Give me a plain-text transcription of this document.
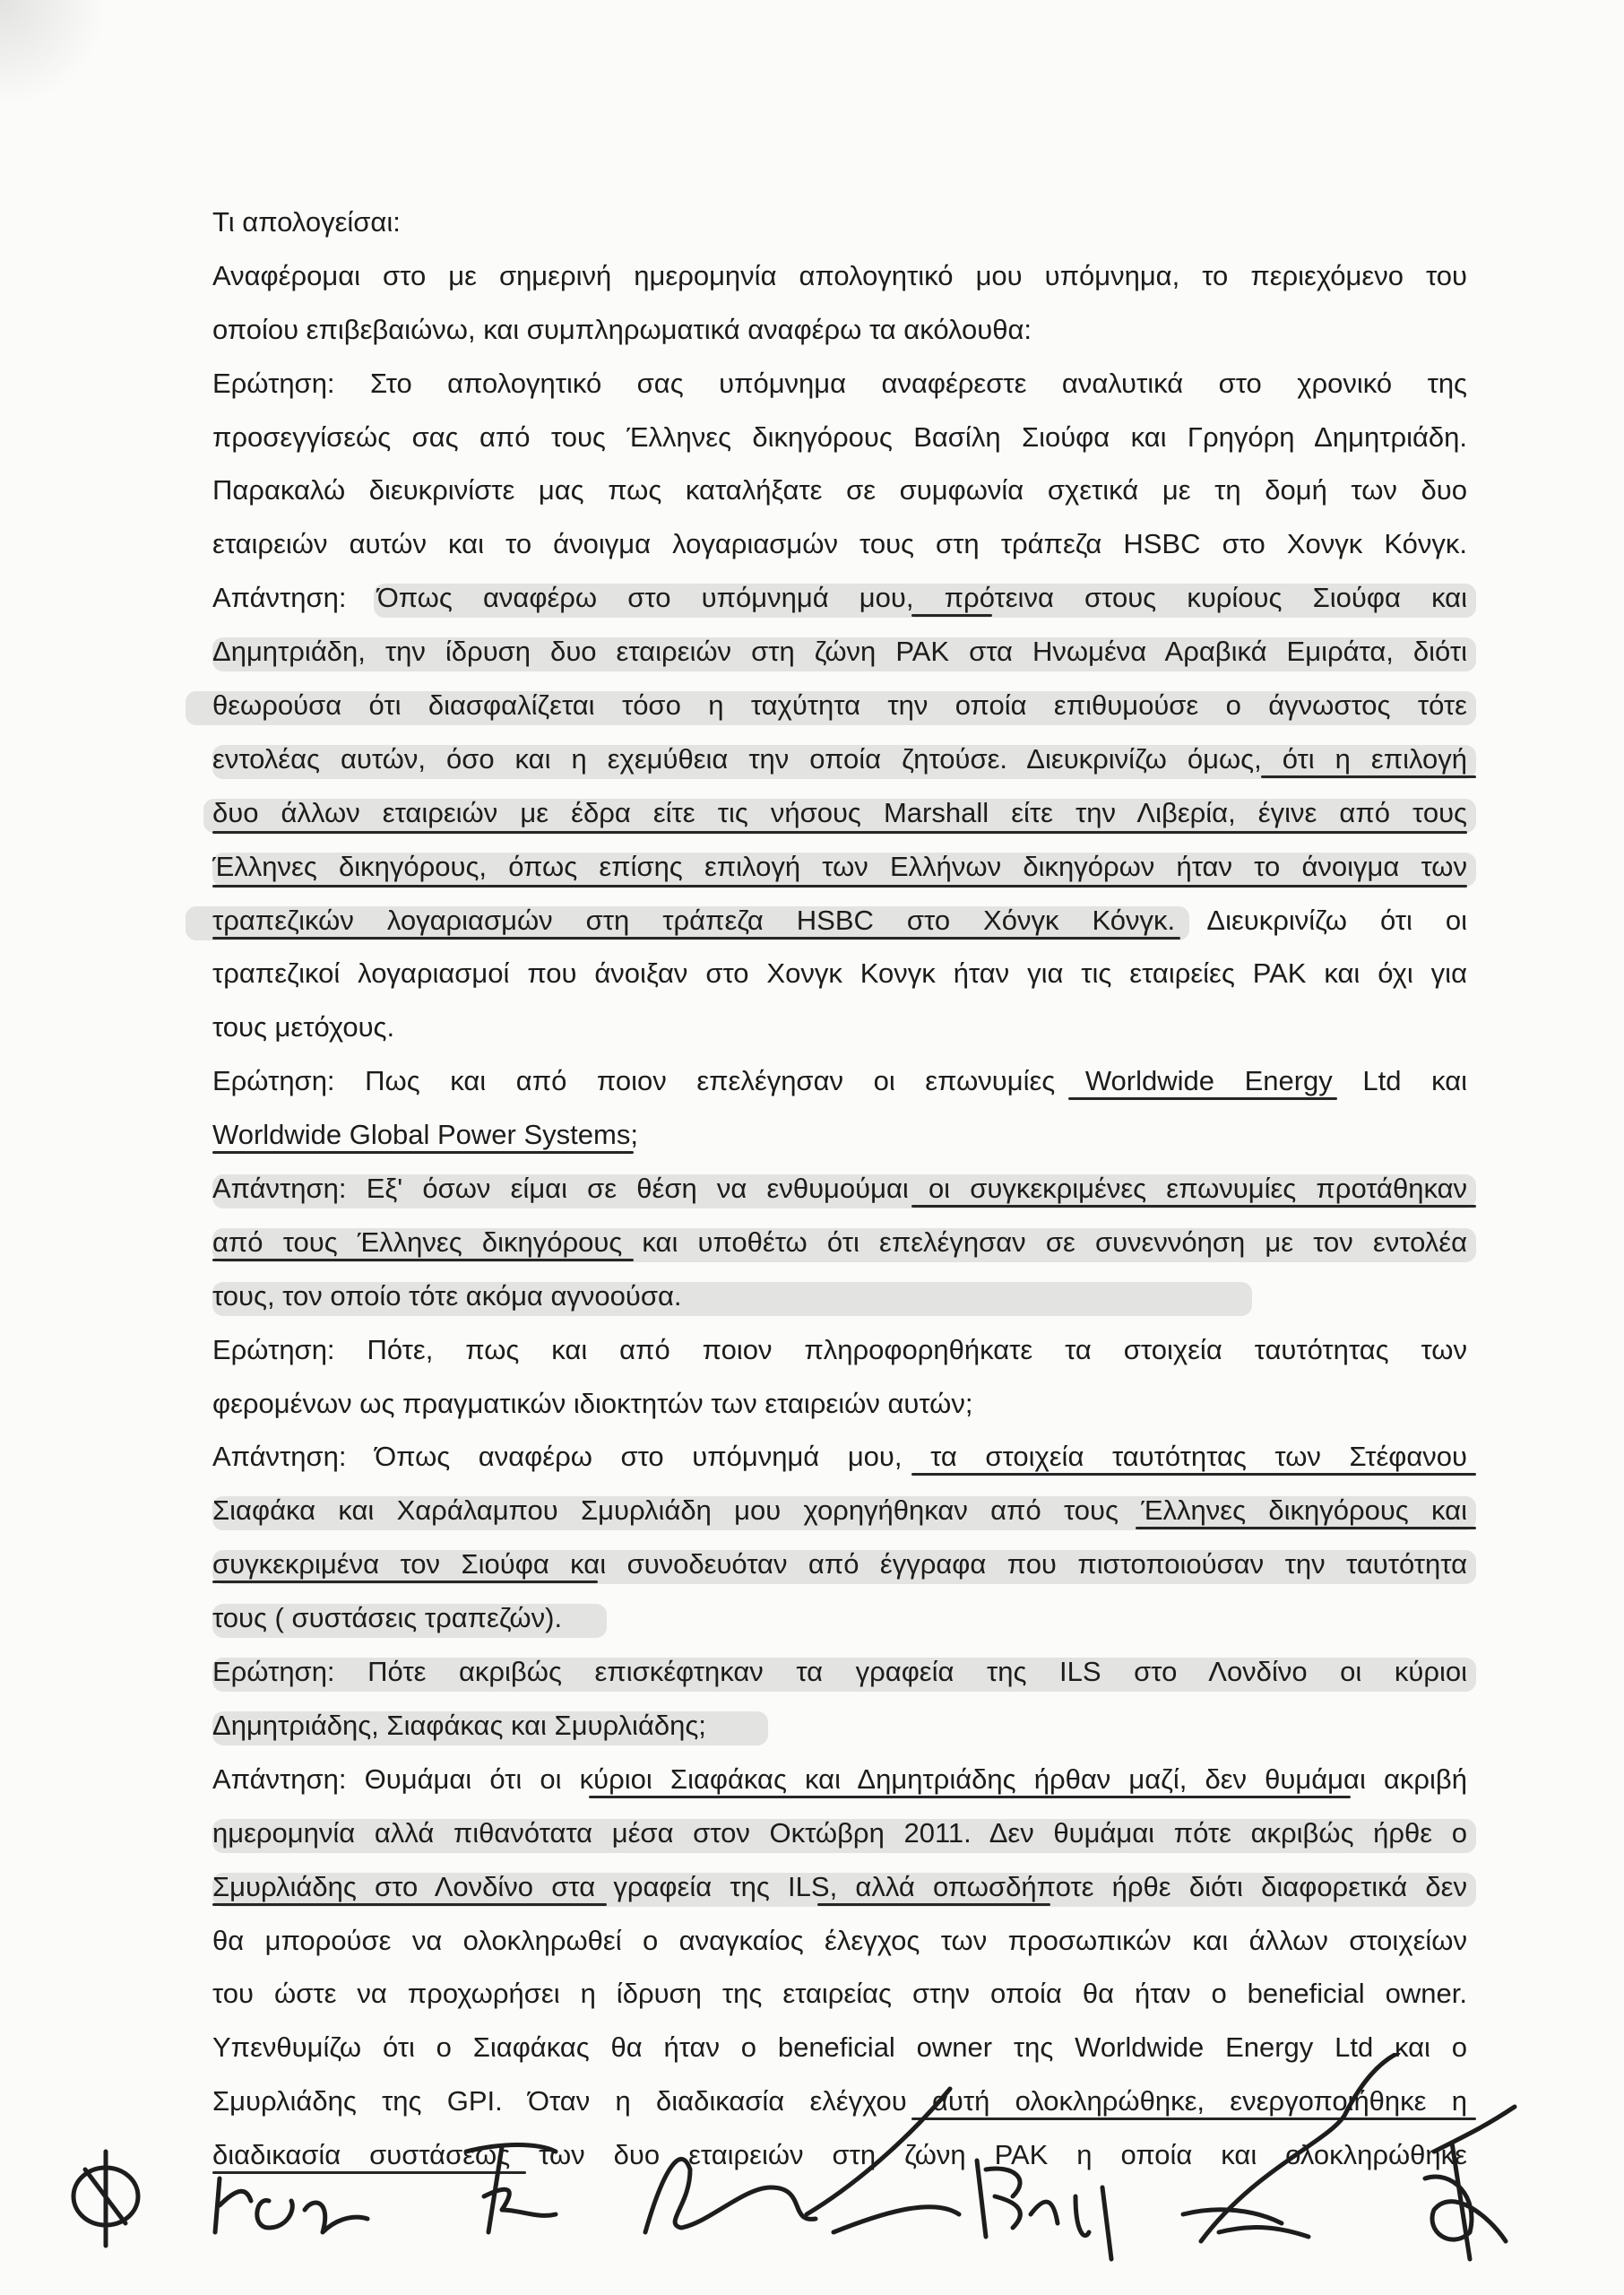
Τι απολογείσαι:
Αναφέρομαι στο με σημερινή ημερομηνία απολογητικό μου υπόμνημα, το περιεχόμενο του
οποίου επιβεβαιώνω, και συμπληρωματικά αναφέρω τα ακόλουθα:
Ερώτηση: Στο απολογητικό σας υπόμνημα αναφέρεστε αναλυτικά στο χρονικό της
προσεγγίσεώς σας από τους Έλληνες δικηγόρους Βασίλη Σιούφα και Γρηγόρη Δημητριάδη.
Παρακαλώ διευκρινίστε μας πως καταλήξατε σε συμφωνία σχετικά με τη δομή των δυο
εταιρειών αυτών και το άνοιγμα λογαριασμών τους στη τράπεζα HSBC στο Χονγκ Κόνγκ.
Απάντηση: Όπως αναφέρω στο υπόμνημά μου, πρότεινα στους κυρίους Σιούφα και
Δημητριάδη, την ίδρυση δυο εταιρειών στη ζώνη ΡΑΚ στα Ηνωμένα Αραβικά Εμιράτα, διότι
θεωρούσα ότι διασφαλίζεται τόσο η ταχύτητα την οποία επιθυμούσε ο άγνωστος τότε
εντολέας αυτών, όσο και η εχεμύθεια την οποία ζητούσε. Διευκρινίζω όμως, ότι η επιλογή
δυο άλλων εταιρειών με έδρα είτε τις νήσους Marshall είτε την Λιβερία, έγινε από τους
Έλληνες δικηγόρους, όπως επίσης επιλογή των Ελλήνων δικηγόρων ήταν το άνοιγμα των
τραπεζικών λογαριασμών στη τράπεζα HSBC στο Χόνγκ Κόνγκ. Διευκρινίζω ότι οι
τραπεζικοί λογαριασμοί που άνοιξαν στο Χονγκ Κονγκ ήταν για τις εταιρείες ΡΑΚ και όχι για
τους μετόχους.
Ερώτηση: Πως και από ποιον επελέγησαν οι επωνυμίες Worldwide Energy Ltd και
Worldwide Global Power Systems;
Απάντηση: Εξ' όσων είμαι σε θέση να ενθυμούμαι οι συγκεκριμένες επωνυμίες προτάθηκαν
από τους Έλληνες δικηγόρους και υποθέτω ότι επελέγησαν σε συνεννόηση με τον εντολέα
τους, τον οποίο τότε ακόμα αγνοούσα.
Ερώτηση: Πότε, πως και από ποιον πληροφορηθήκατε τα στοιχεία ταυτότητας των
φερομένων ως πραγματικών ιδιοκτητών των εταιρειών αυτών;
Απάντηση: Όπως αναφέρω στο υπόμνημά μου, τα στοιχεία ταυτότητας των Στέφανου
Σιαφάκα και Χαράλαμπου Σμυρλιάδη μου χορηγήθηκαν από τους Έλληνες δικηγόρους και
συγκεκριμένα τον Σιούφα και συνοδευόταν από έγγραφα που πιστοποιούσαν την ταυτότητα
τους ( συστάσεις τραπεζών).
Ερώτηση: Πότε ακριβώς επισκέφτηκαν τα γραφεία της ILS στο Λονδίνο οι κύριοι
Δημητριάδης, Σιαφάκας και Σμυρλιάδης;
Απάντηση: Θυμάμαι ότι οι κύριοι Σιαφάκας και Δημητριάδης ήρθαν μαζί, δεν θυμάμαι ακριβή
ημερομηνία αλλά πιθανότατα μέσα στον Οκτώβρη 2011. Δεν θυμάμαι πότε ακριβώς ήρθε ο
Σμυρλιάδης στο Λονδίνο στα γραφεία της ILS, αλλά οπωσδήποτε ήρθε διότι διαφορετικά δεν
θα μπορούσε να ολοκληρωθεί ο αναγκαίος έλεγχος των προσωπικών και άλλων στοιχείων
του ώστε να προχωρήσει η ίδρυση της εταιρείας στην οποία θα ήταν ο beneficial owner.
Υπενθυμίζω ότι ο Σιαφάκας θα ήταν ο beneficial owner της Worldwide Energy Ltd και ο
Σμυρλιάδης της GPI. Όταν η διαδικασία ελέγχου αυτή ολοκληρώθηκε, ενεργοποιήθηκε η
διαδικασία συστάσεως των δυο εταιρειών στη ζώνη ΡΑΚ η οποία και ολοκληρώθηκε
